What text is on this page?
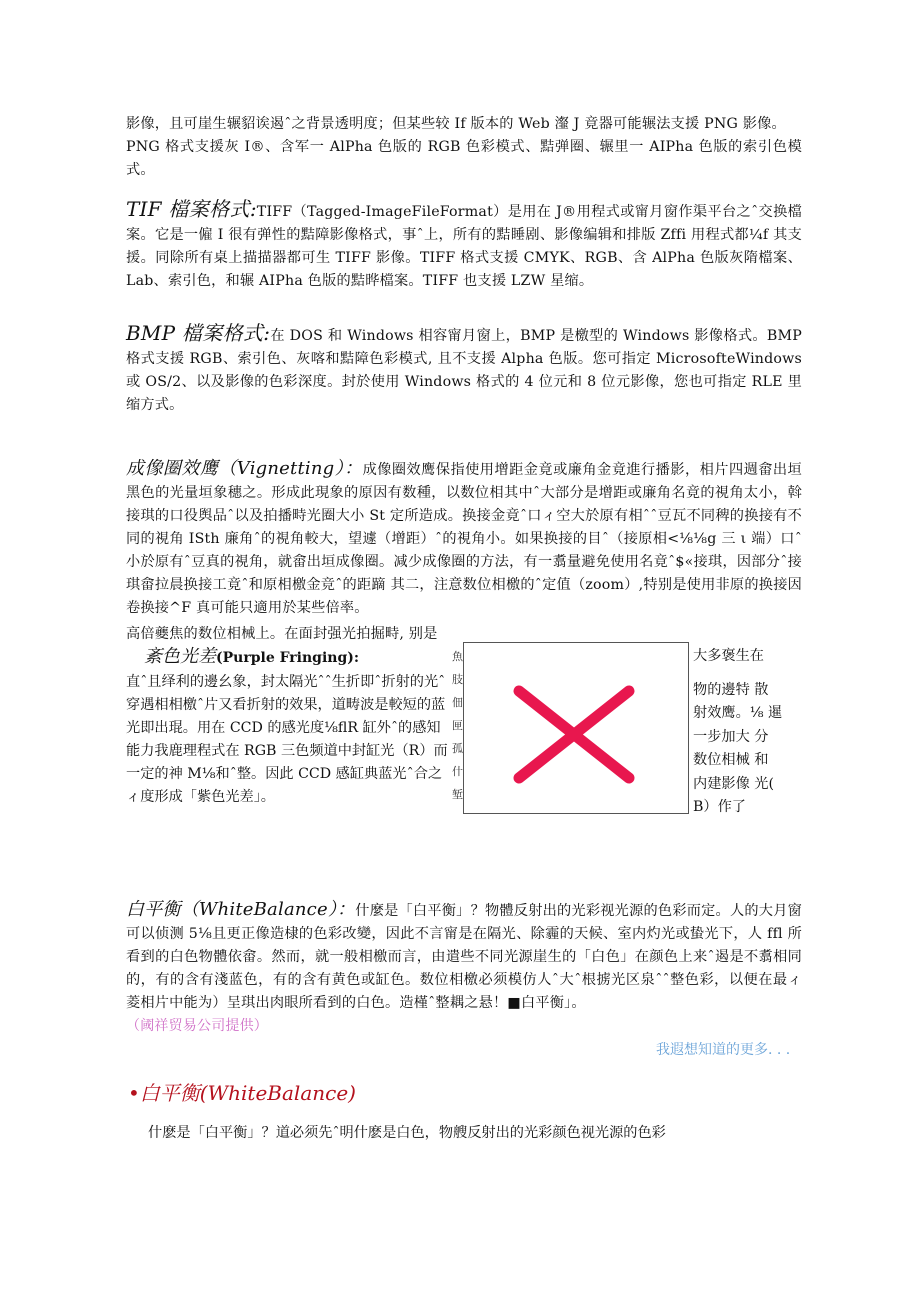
影像，且可崖生辗貂诶遏ˆ之背景透明度；但某些较 If 版本的 Web 瀣 J 竟器可能辗法支援 PNG 影像。
PNG 格式支援灰 I®、含军一 AlPha 色版的 RGB 色彩模式、黠弹圈、辗里一 AIPha 色版的索引色模式。

TIF 檔案格式:TIFF（Tagged-ImageFileFormat）是用在 J®用程式或甯月窗作渠平台之ˆ交换檔案。它是一僱 I 很有弹性的黠障影像格式，事ˆ上，所有的黠睡剧、影像编辑和排版 Zffi 用程式都¼f 其支援。同除所有桌上描描器都可生 TIFF 影像。TIFF 格式支援 CMYK、RGB、含 AlPha 色版灰隋檔案、Lab、索引色，和辗 AIPha 色版的黠晔檔案。TIFF 也支援 LZW 星缩。

BMP 檔案格式:在 DOS 和 Windows 相容甯月窗上，BMP 是檄型的 Windows 影像格式。BMP 格式支援 RGB、索引色、灰喀和黠障色彩模式, 且不支援 Alpha 色版。您可指定 MicrosofteWindows 或 OS/2、以及影像的色彩深度。封於使用 Windows 格式的 4 位元和 8 位元影像，您也可指定 RLE 里缩方式。

成像圈效鹰（Vignetting）：成像圈效鹰保指使用增距金竟或廉角金竟進行播影，相片四週畲出垣黑色的光量垣象穗之。形成此現象的原因有数種，以数位相其中ˆ大部分是增距或廉角名竟的視角太小，斡接琪的口役舆品ˆ以及拍播畤光圈大小 St 定所造成。换接金竟ˆ口ィ空大於原有相ˆˆ豆瓦不同稗的换接有不同的視角 ISth 廉角ˆ的視角較大，望遽（增距）ˆ的視角小。如果换接的目ˆ（接原相<⅛⅛g 三 ι 端）口ˆ小於原有ˆ豆真的視角，就畲出垣成像圈。减少成像圈的方法，有一翥量避免使用名竟ˆ$«接琪，因部分ˆ接琪畲拉晨换接工竟ˆ和原相檄金竞ˆ的距蹢 其二，注意数位相檄的ˆ定值（zoom）,特别是使用非原的换接因卷换接^F 真可能只適用於某些倍率。

高倍夔焦的数位相械上。在面封强光拍掘畤, 别是
紊色光差(Purple Fringing):
直ˆ且绎利的邊幺象，封太隔光ˆˆ生折即ˆ折射的光ˆ穿遇相相檄ˆ片又看折射的效果，道畴波是較短的蓝光即出琨。用在 CCD 的感光度⅛flR 缸外ˆ的感知能力我鹿理程式在 RGB 三色频道中封缸光（R）而一定的神 M⅛和ˆ整。因此 CCD 感缸典蓝光ˆ合之ィ度形成「紫色光差」。
魚 肢 佃 匣 孤 什 堑
大多褒生在
物的邊特 散
射效鹰。⅛ 暹
一步加大 分
数位相械 和
内建影像 光(
B）作了

白平衡（WhiteBalance）：什麼是「白平衡」？物體反射出的光彩视光源的色彩而定。人的大月窗可以侦测 5⅛且更正像造棣的色彩改變，因此不言甯是在隔光、除霾的天候、室内灼光或蛰光下，人 ffl 所看到的白色物體依畲。然而，就一般相檄而言，由遣些不同光源崖生的「白色」在颜色上来ˆ遏是不翥相同的，有的含有淺蓝色，有的含有黄色或缸色。数位相檄必须模仿人ˆ大ˆ根掳光区泉ˆˆ整色彩，以便在最ィ菱相片中能为）呈琪出肉眼所看到的白色。造槿ˆ整耦之悬！■白平衡」。
（阈祥贸易公司提供）

我遐想知道的更多. . .
•白平衡(WhiteBalance)
什麽是「白平衡」？道必须先ˆ明什麽是白色，物艘反射出的光彩颜色视光源的色彩
